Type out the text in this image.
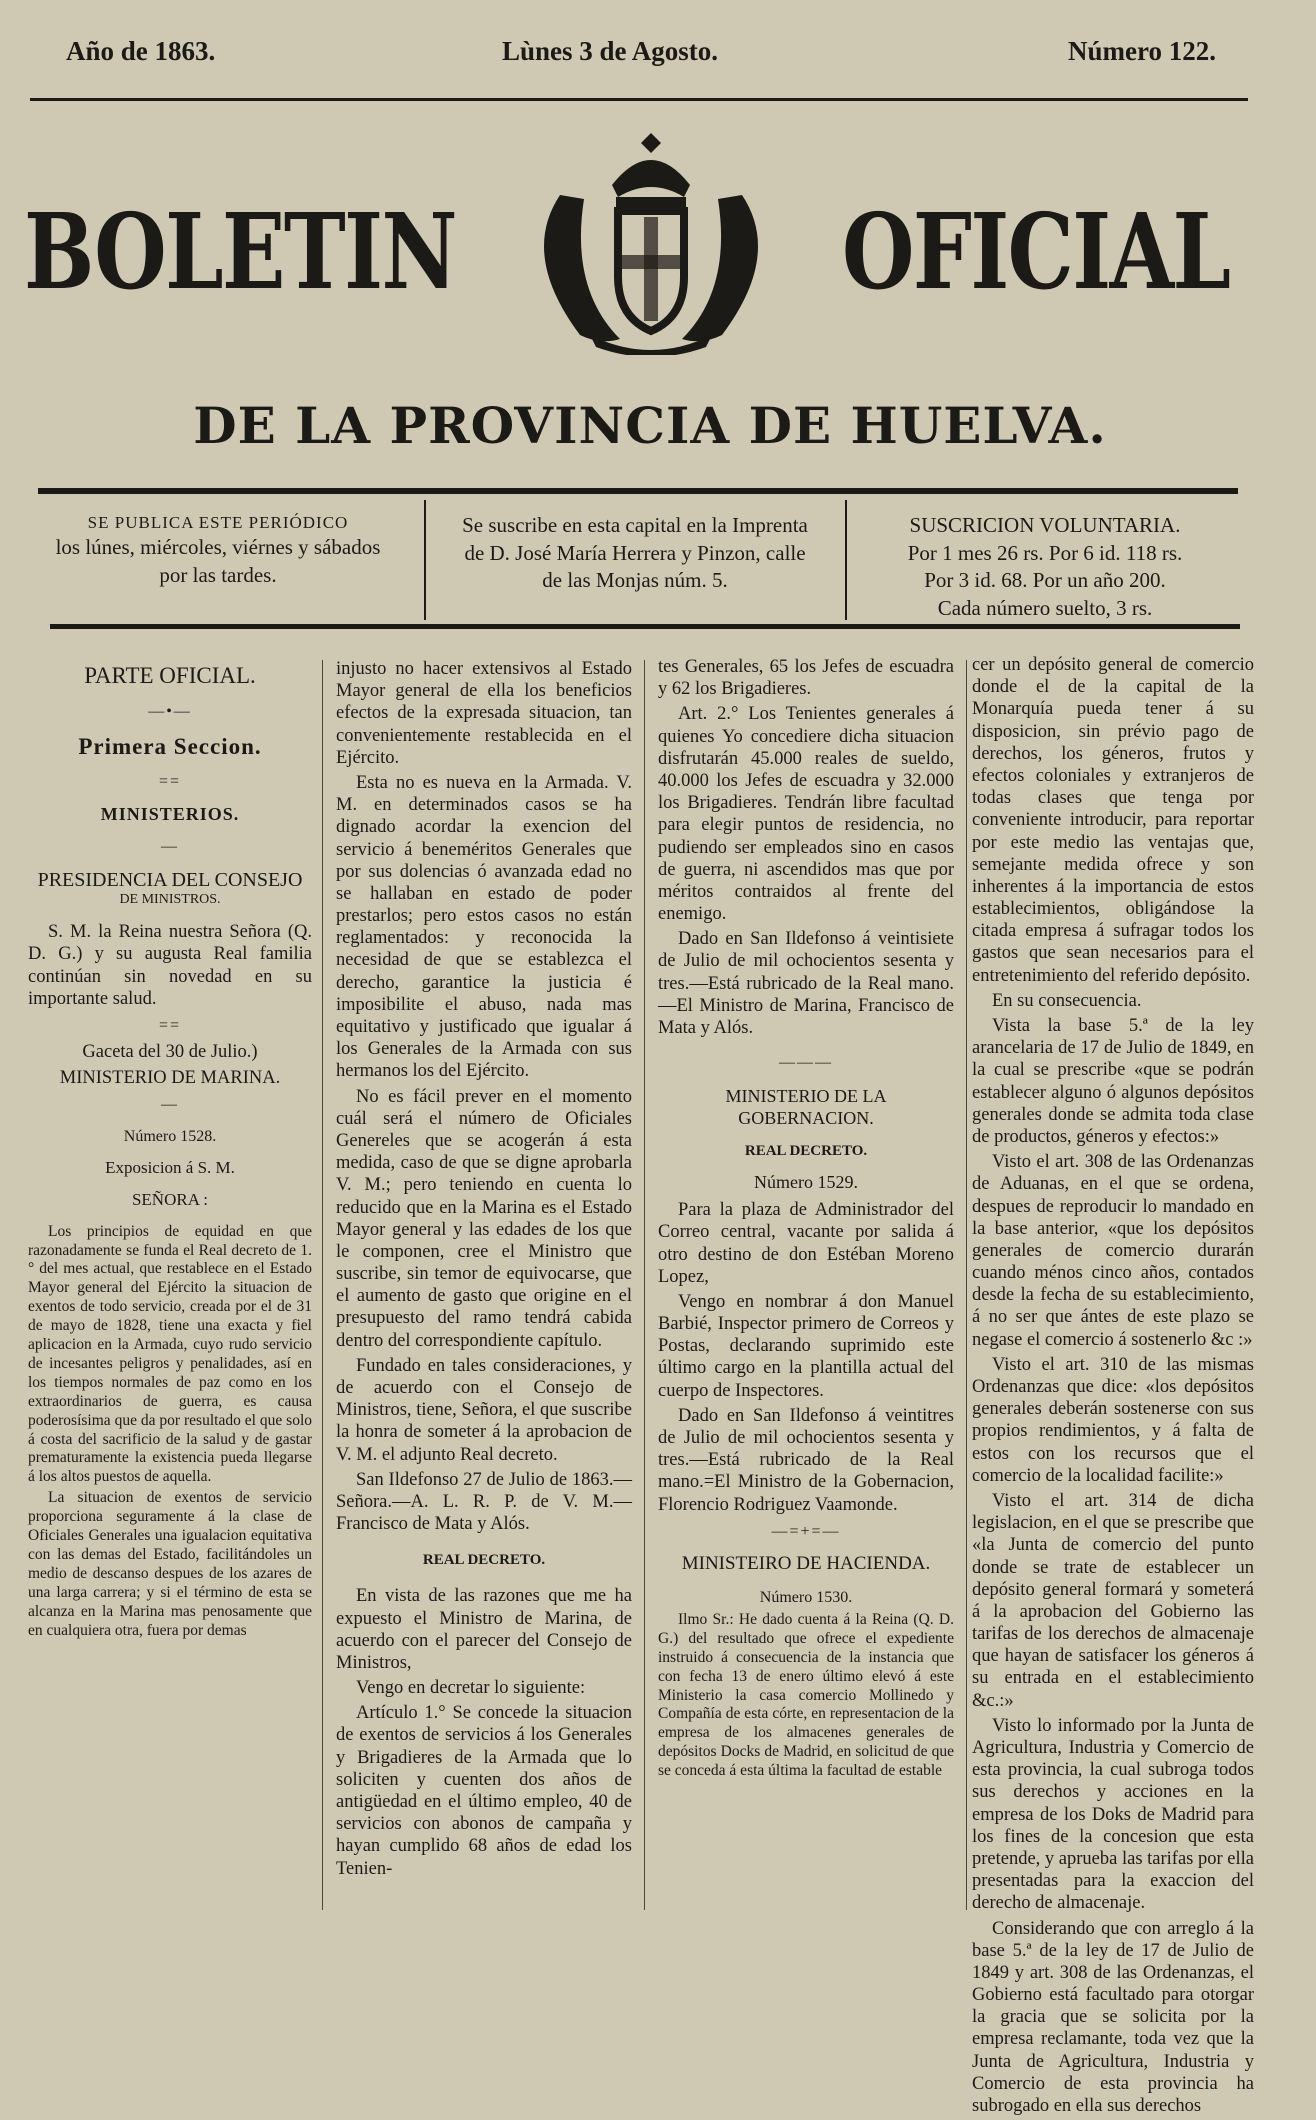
Año de 1863.	Lùnes 3 de Agosto.	Número 122.
BOLETIN	OFICIAL
DE LA PROVINCIA DE HUELVA.
SE PUBLICA ESTE PERIÓDICO
los lúnes, miércoles, viérnes y sábados
por las tardes.
Se suscribe en esta capital en la Imprenta
de D. José María Herrera y Pinzon, calle
de las Monjas núm. 5.
SUSCRICION VOLUNTARIA.
Por 1 mes 26 rs. Por 6 id. 118 rs.
Por 3 id. 68. Por un año 200.
Cada número suelto, 3 rs.

PARTE OFICIAL.

―•―

Primera Seccion.

==

MINISTERIOS.

—

PRESIDENCIA DEL CONSEJO

DE MINISTROS.

S. M. la Reina nuestra Señora (Q. D. G.) y su augusta Real familia continúan sin novedad en su importante salud.

==

Gaceta del 30 de Julio.)

MINISTERIO DE MARINA.

—

Número 1528.

Exposicion á S. M.

SEÑORA :

Los principios de equidad en que razonadamente se funda el Real decreto de 1.° del mes actual, que restablece en el Estado Mayor general del Ejército la situacion de exentos de todo servicio, creada por el de 31 de mayo de 1828, tiene una exacta y fiel aplicacion en la Armada, cuyo rudo servicio de incesantes peligros y penalidades, así en los tiempos normales de paz como en los extraordinarios de guerra, es causa poderosísima que da por resultado el que solo á costa del sacrificio de la salud y de gastar prematuramente la existencia pueda llegarse á los altos puestos de aquella.

La situacion de exentos de servicio proporciona seguramente á la clase de Oficiales Generales una igualacion equitativa con las demas del Estado, facilitándoles un medio de descanso despues de los azares de una larga carrera; y si el término de esta se alcanza en la Marina mas penosamente que en cualquiera otra, fuera por demas

injusto no hacer extensivos al Estado Mayor general de ella los beneficios efectos de la expresada situacion, tan convenientemente restablecida en el Ejército.

Esta no es nueva en la Armada. V. M. en determinados casos se ha dignado acordar la exencion del servicio á beneméritos Generales que por sus dolencias ó avanzada edad no se hallaban en estado de poder prestarlos; pero estos casos no están reglamentados: y reconocida la necesidad de que se establezca el derecho, garantice la justicia é imposibilite el abuso, nada mas equitativo y justificado que igualar á los Generales de la Armada con sus hermanos los del Ejército.

No es fácil prever en el momento cuál será el número de Oficiales Genereles que se acogerán á esta medida, caso de que se digne aprobarla V. M.; pero teniendo en cuenta lo reducido que en la Marina es el Estado Mayor general y las edades de los que le componen, cree el Ministro que suscribe, sin temor de equivocarse, que el aumento de gasto que origine en el presupuesto del ramo tendrá cabida dentro del correspondiente capítulo.

Fundado en tales consideraciones, y de acuerdo con el Consejo de Ministros, tiene, Señora, el que suscribe la honra de someter á la aprobacion de V. M. el adjunto Real decreto.

San Ildefonso 27 de Julio de 1863.—Señora.—A. L. R. P. de V. M.—Francisco de Mata y Alós.

REAL DECRETO.

En vista de las razones que me ha expuesto el Ministro de Marina, de acuerdo con el parecer del Consejo de Ministros,

Vengo en decretar lo siguiente:

Artículo 1.° Se concede la situacion de exentos de servicios á los Generales y Brigadieres de la Armada que lo soliciten y cuenten dos años de antigüedad en el último empleo, 40 de servicios con abonos de campaña y hayan cumplido 68 años de edad los Tenien-

tes Generales, 65 los Jefes de escuadra y 62 los Brigadieres.

Art. 2.° Los Tenientes generales á quienes Yo concediere dicha situacion disfrutarán 45.000 reales de sueldo, 40.000 los Jefes de escuadra y 32.000 los Brigadieres. Tendrán libre facultad para elegir puntos de residencia, no pudiendo ser empleados sino en casos de guerra, ni ascendidos mas que por méritos contraidos al frente del enemigo.

Dado en San Ildefonso á veintisiete de Julio de mil ochocientos sesenta y tres.—Está rubricado de la Real mano.—El Ministro de Marina, Francisco de Mata y Alós.

———

MINISTERIO DE LA GOBERNACION.

REAL DECRETO.

Número 1529.

Para la plaza de Administrador del Correo central, vacante por salida á otro destino de don Estéban Moreno Lopez,

Vengo en nombrar á don Manuel Barbié, Inspector primero de Correos y Postas, declarando suprimido este último cargo en la plantilla actual del cuerpo de Inspectores.

Dado en San Ildefonso á veintitres de Julio de mil ochocientos sesenta y tres.—Está rubricado de la Real mano.=El Ministro de la Gobernacion, Florencio Rodriguez Vaamonde.

—=+=—

MINISTEIRO DE HACIENDA.

Número 1530.

Ilmo Sr.: He dado cuenta á la Reina (Q. D. G.) del resultado que ofrece el expediente instruido á consecuencia de la instancia que con fecha 13 de enero último elevó á este Ministerio la casa comercio Mollinedo y Compañía de esta córte, en representacion de la empresa de los almacenes generales de depósitos Docks de Madrid, en solicitud de que se conceda á esta última la facultad de estable

cer un depósito general de comercio donde el de la capital de la Monarquía pueda tener á su disposicion, sin prévio pago de derechos, los géneros, frutos y efectos coloniales y extranjeros de todas clases que tenga por conveniente introducir, para reportar por este medio las ventajas que, semejante medida ofrece y son inherentes á la importancia de estos establecimientos, obligándose la citada empresa á sufragar todos los gastos que sean necesarios para el entretenimiento del referido depósito.

En su consecuencia.

Vista la base 5.ª de la ley arancelaria de 17 de Julio de 1849, en la cual se prescribe «que se podrán establecer alguno ó algunos depósitos generales donde se admita toda clase de productos, géneros y efectos:»

Visto el art. 308 de las Ordenanzas de Aduanas, en el que se ordena, despues de reproducir lo mandado en la base anterior, «que los depósitos generales de comercio durarán cuando ménos cinco años, contados desde la fecha de su establecimiento, á no ser que ántes de este plazo se negase el comercio á sostenerlo &c :»

Visto el art. 310 de las mismas Ordenanzas que dice: «los depósitos generales deberán sostenerse con sus propios rendimientos, y á falta de estos con los recursos que el comercio de la localidad facilite:»

Visto el art. 314 de dicha legislacion, en el que se prescribe que «la Junta de comercio del punto donde se trate de establecer un depósito general formará y someterá á la aprobacion del Gobierno las tarifas de los derechos de almacenaje que hayan de satisfacer los géneros á su entrada en el establecimiento &c.:»

Visto lo informado por la Junta de Agricultura, Industria y Comercio de esta provincia, la cual subroga todos sus derechos y acciones en la empresa de los Doks de Madrid para los fines de la concesion que esta pretende, y aprueba las tarifas por ella presentadas para la exaccion del derecho de almacenaje.

Considerando que con arreglo á la base 5.ª de la ley de 17 de Julio de 1849 y art. 308 de las Ordenanzas, el Gobierno está facultado para otorgar la gracia que se solicita por la empresa reclamante, toda vez que la Junta de Agricultura, Industria y Comercio de esta provincia ha subrogado en ella sus derechos
